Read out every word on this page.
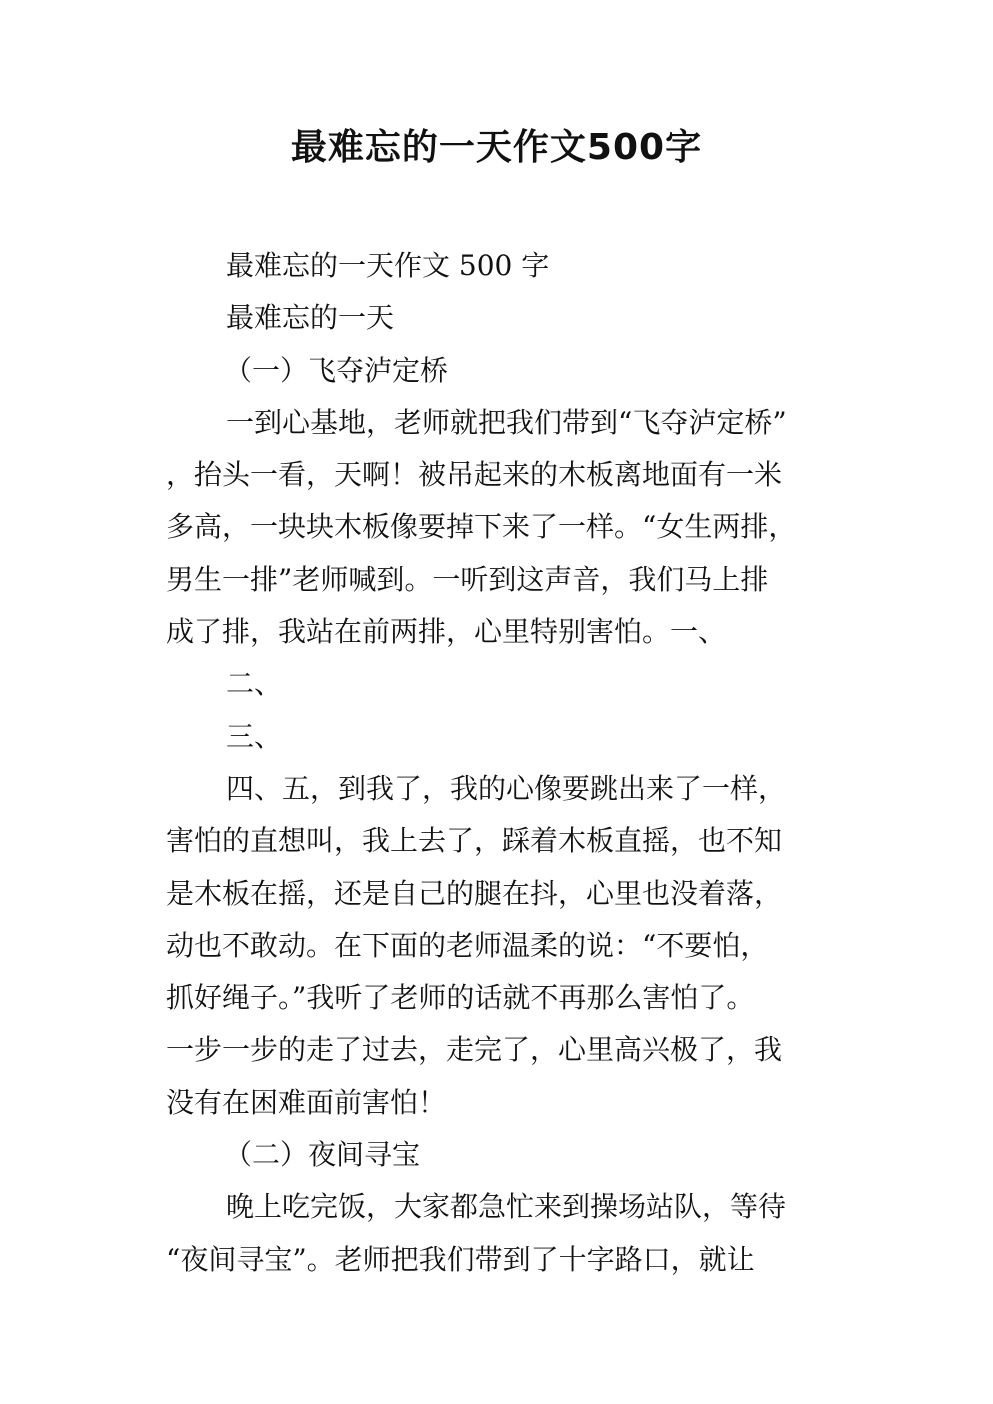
最难忘的一天作文500字

最难忘的一天作文 500 字

最难忘的一天

（一）飞夺泸定桥

一到心基地，老师就把我们带到“飞夺泸定桥”

，抬头一看，天啊！被吊起来的木板离地面有一米

多高，一块块木板像要掉下来了一样。“女生两排，

男生一排”老师喊到。一听到这声音，我们马上排

成了排，我站在前两排，心里特别害怕。一、

二、

三、

四、五，到我了，我的心像要跳出来了一样，

害怕的直想叫，我上去了，踩着木板直摇，也不知

是木板在摇，还是自己的腿在抖，心里也没着落，

动也不敢动。在下面的老师温柔的说：“不要怕，

抓好绳子。”我听了老师的话就不再那么害怕了。

一步一步的走了过去，走完了，心里高兴极了，我

没有在困难面前害怕！

（二）夜间寻宝

晚上吃完饭，大家都急忙来到操场站队，等待

“夜间寻宝”。老师把我们带到了十字路口，就让
